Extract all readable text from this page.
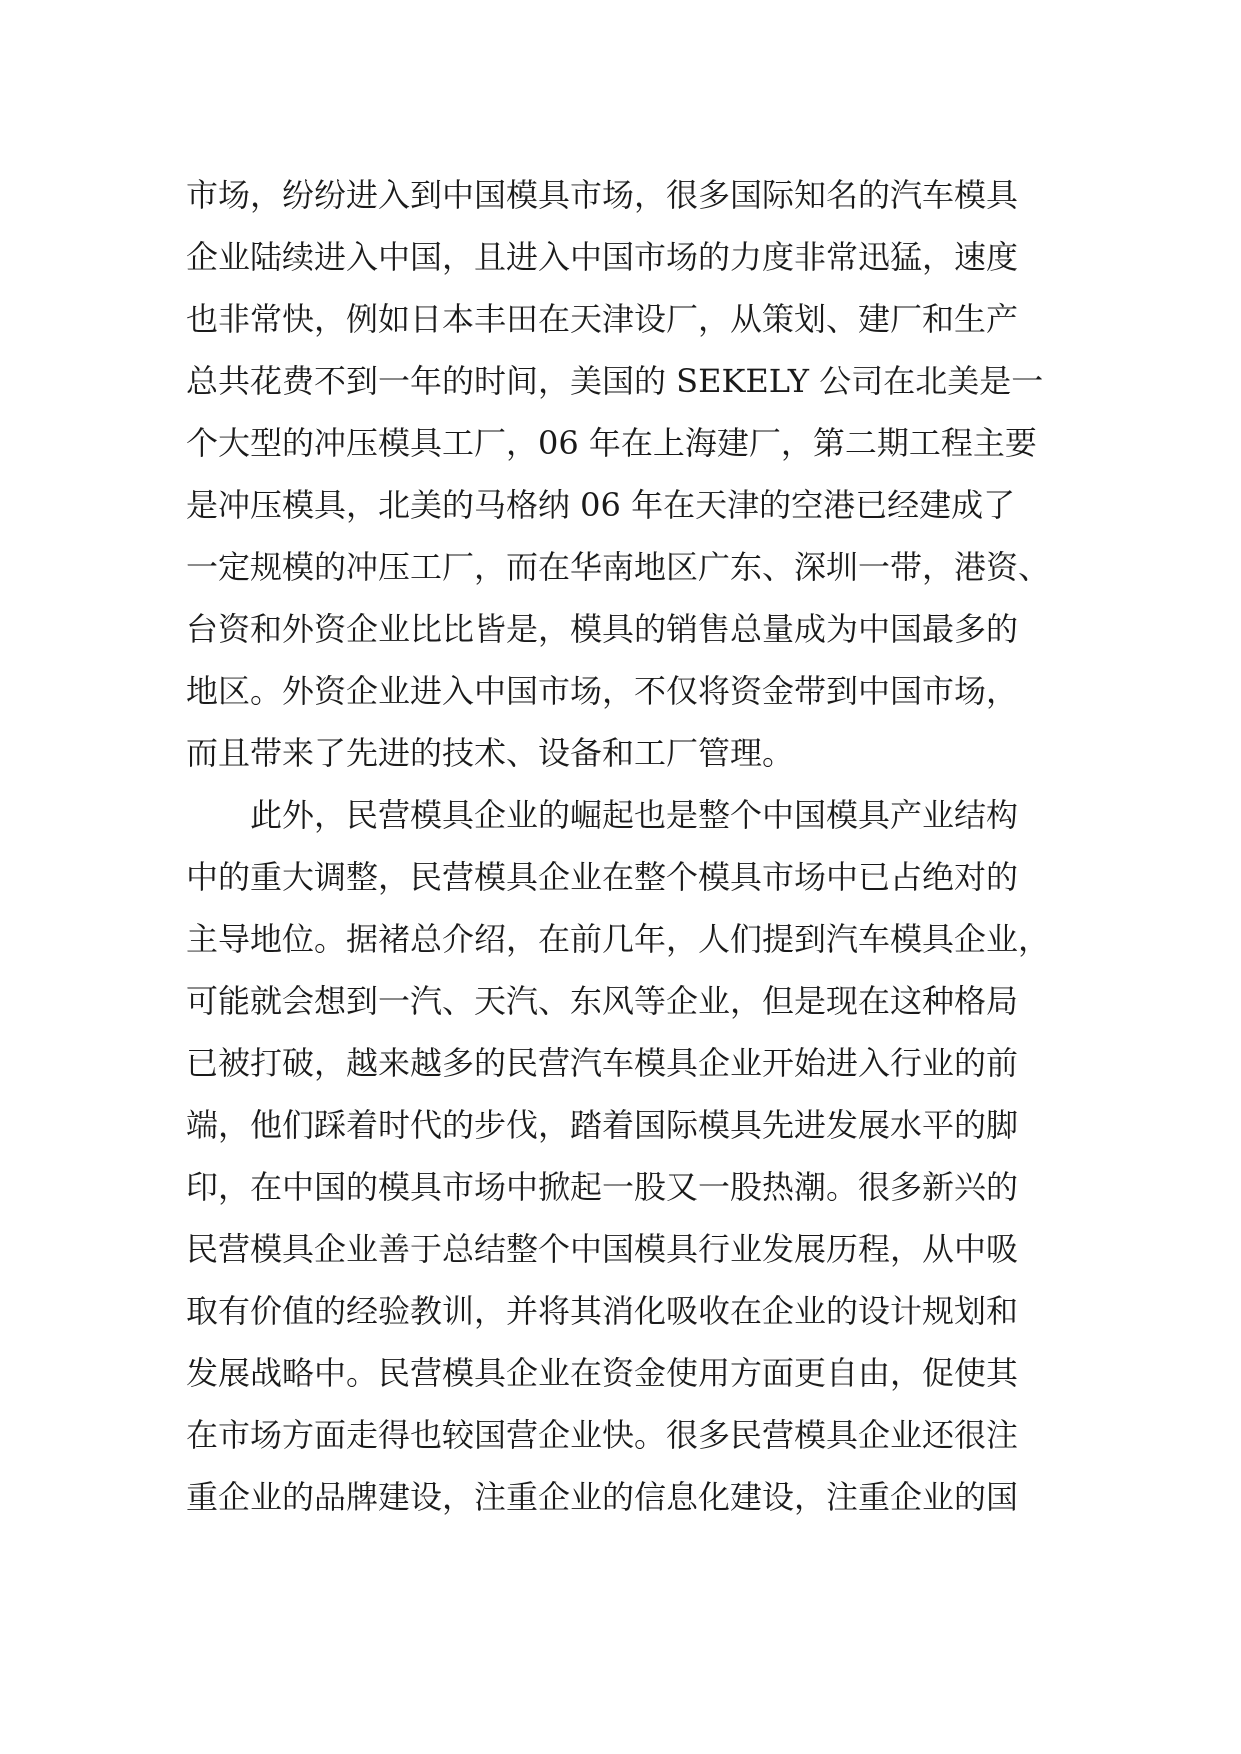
市场，纷纷进入到中国模具市场，很多国际知名的汽车模具
企业陆续进入中国，且进入中国市场的力度非常迅猛，速度
也非常快，例如日本丰田在天津设厂，从策划、建厂和生产
总共花费不到一年的时间，美国的 SEKELY 公司在北美是一
个大型的冲压模具工厂，06 年在上海建厂，第二期工程主要
是冲压模具，北美的马格纳 06 年在天津的空港已经建成了
一定规模的冲压工厂，而在华南地区广东、深圳一带，港资、
台资和外资企业比比皆是，模具的销售总量成为中国最多的
地区。外资企业进入中国市场，不仅将资金带到中国市场，
而且带来了先进的技术、设备和工厂管理。
此外，民营模具企业的崛起也是整个中国模具产业结构
中的重大调整，民营模具企业在整个模具市场中已占绝对的
主导地位。据褚总介绍，在前几年，人们提到汽车模具企业，
可能就会想到一汽、天汽、东风等企业，但是现在这种格局
已被打破，越来越多的民营汽车模具企业开始进入行业的前
端，他们踩着时代的步伐，踏着国际模具先进发展水平的脚
印，在中国的模具市场中掀起一股又一股热潮。很多新兴的
民营模具企业善于总结整个中国模具行业发展历程，从中吸
取有价值的经验教训，并将其消化吸收在企业的设计规划和
发展战略中。民营模具企业在资金使用方面更自由，促使其
在市场方面走得也较国营企业快。很多民营模具企业还很注
重企业的品牌建设，注重企业的信息化建设，注重企业的国
